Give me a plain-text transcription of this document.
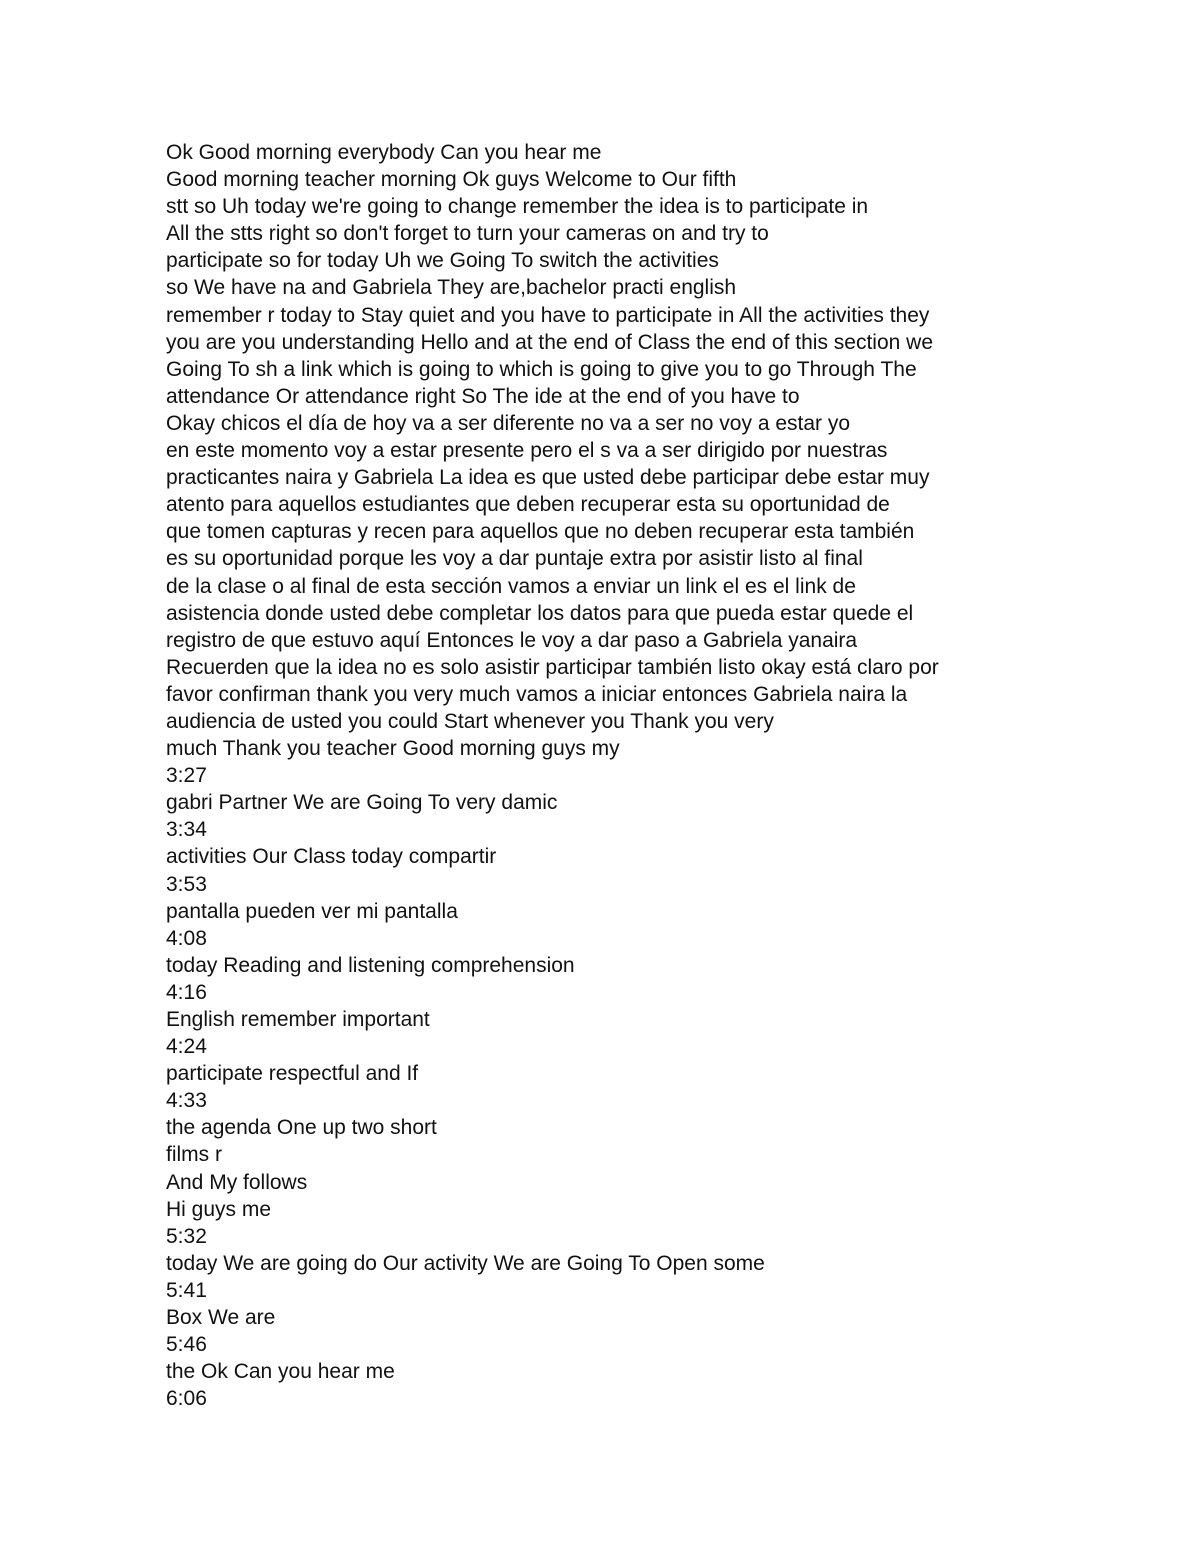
Ok Good morning everybody Can you hear me
Good morning teacher morning Ok guys Welcome to Our fifth
stt so Uh today we're going to change remember the idea is to participate in
All the stts right so don't forget to turn your cameras on and try to
participate so for today Uh we Going To switch the activities
so We have na and Gabriela They are,bachelor practi english
remember r today to Stay quiet and you have to participate in All the activities they
you are you understanding Hello and at the end of Class the end of this section we
Going To sh a link which is going to which is going to give you to go Through The
attendance Or attendance right So The ide at the end of you have to
Okay chicos el día de hoy va a ser diferente no va a ser no voy a estar yo
en este momento voy a estar presente pero el s va a ser dirigido por nuestras
practicantes naira y Gabriela La idea es que usted debe participar debe estar muy
atento para aquellos estudiantes que deben recuperar esta su oportunidad de
que tomen capturas y recen para aquellos que no deben recuperar esta también
es su oportunidad porque les voy a dar puntaje extra por asistir listo al final
de la clase o al final de esta sección vamos a enviar un link el es el link de
asistencia donde usted debe completar los datos para que pueda estar quede el
registro de que estuvo aquí Entonces le voy a dar paso a Gabriela yanaira
Recuerden que la idea no es solo asistir participar también listo okay está claro por
favor confirman thank you very much vamos a iniciar entonces Gabriela naira la
audiencia de usted you could Start whenever you Thank you very
much Thank you teacher Good morning guys my
3:27
gabri Partner We are Going To very damic
3:34
activities Our Class today compartir
3:53
pantalla pueden ver mi pantalla
4:08
today Reading and listening comprehension
4:16
English remember important
4:24
participate respectful and If
4:33
the agenda One up two short
films r
And My follows
Hi guys me
5:32
today We are going do Our activity We are Going To Open some
5:41
Box We are
5:46
the Ok Can you hear me
6:06
